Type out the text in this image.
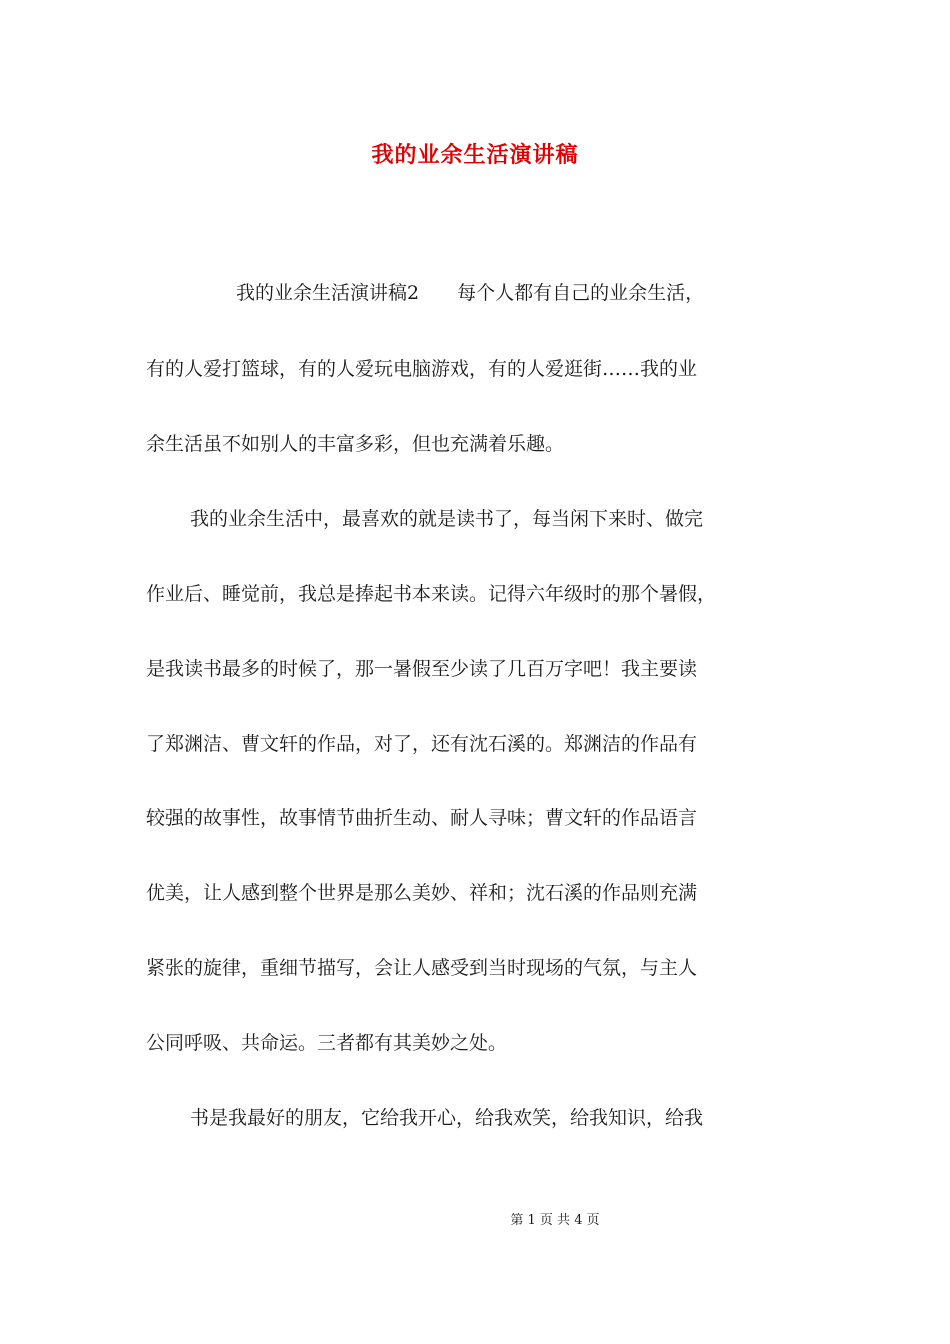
我的业余生活演讲稿

我的业余生活演讲稿2　　每个人都有自己的业余生活，

有的人爱打篮球，有的人爱玩电脑游戏，有的人爱逛街……我的业

余生活虽不如别人的丰富多彩，但也充满着乐趣。

我的业余生活中，最喜欢的就是读书了，每当闲下来时、做完

作业后、睡觉前，我总是捧起书本来读。记得六年级时的那个暑假，

是我读书最多的时候了，那一暑假至少读了几百万字吧！我主要读

了郑渊洁、曹文轩的作品，对了，还有沈石溪的。郑渊洁的作品有

较强的故事性，故事情节曲折生动、耐人寻味；曹文轩的作品语言

优美，让人感到整个世界是那么美妙、祥和；沈石溪的作品则充满

紧张的旋律，重细节描写，会让人感受到当时现场的气氛，与主人

公同呼吸、共命运。三者都有其美妙之处。

书是我最好的朋友，它给我开心，给我欢笑，给我知识，给我

第 1 页 共 4 页
